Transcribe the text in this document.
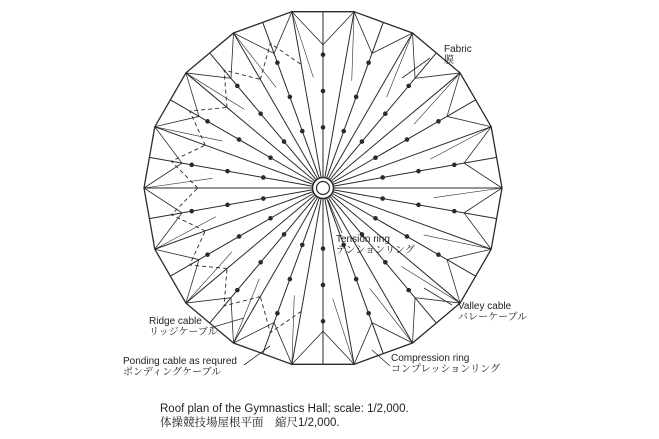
Fabric
膜
Tension ring
テンションリング
Valley cable
バレーケーブル
Ridge cable
リッジケーブル
Ponding cable as requred
ポンディングケーブル
Compression ring
コンプレッションリング
Roof plan of the Gymnastics Hall; scale: 1/2,000.
体操競技場屋根平面　縮尺1/2,000.
